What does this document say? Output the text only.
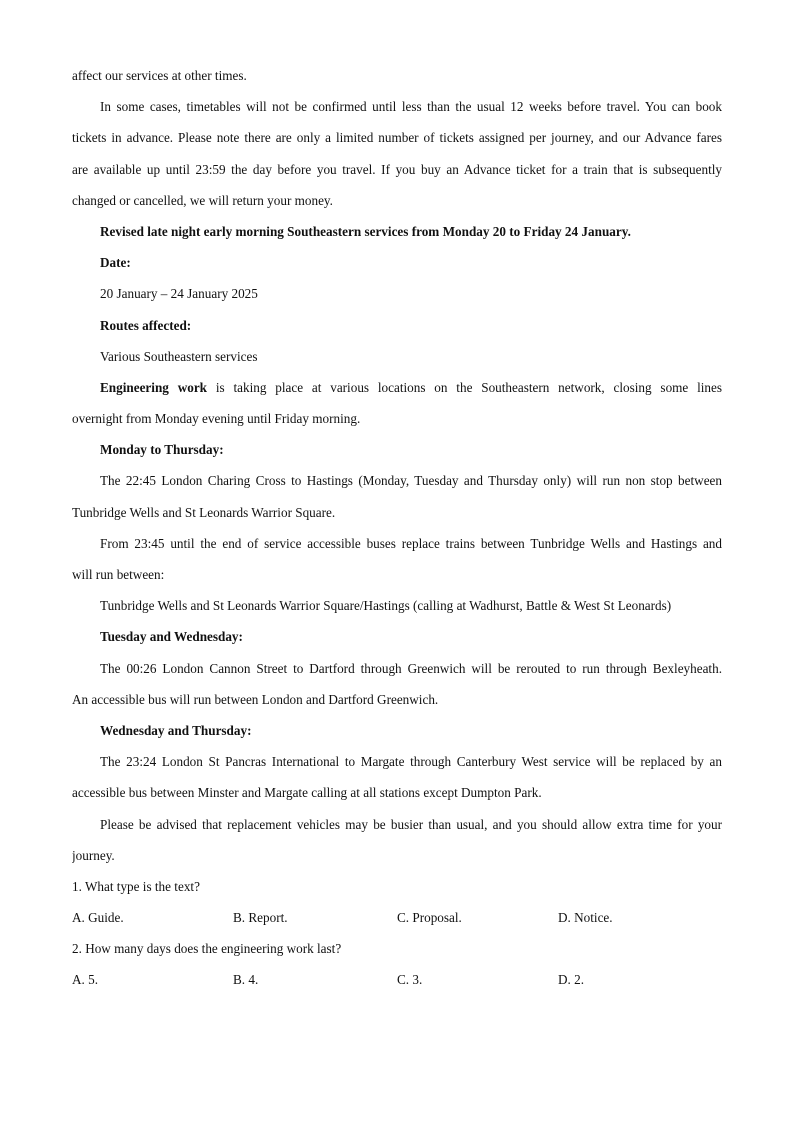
affect our services at other times.
In some cases, timetables will not be confirmed until less than the usual 12 weeks before travel. You can book
tickets in advance. Please note there are only a limited number of tickets assigned per journey, and our Advance fares
are available up until 23:59 the day before you travel. If you buy an Advance ticket for a train that is subsequently
changed or cancelled, we will return your money.
Revised late night early morning Southeastern services from Monday 20 to Friday 24 January.
Date:
20 January – 24 January 2025
Routes affected:
Various Southeastern services
Engineering work is taking place at various locations on the Southeastern network, closing some lines
overnight from Monday evening until Friday morning.
Monday to Thursday:
The 22:45 London Charing Cross to Hastings (Monday, Tuesday and Thursday only) will run non stop between
Tunbridge Wells and St Leonards Warrior Square.
From 23:45 until the end of service accessible buses replace trains between Tunbridge Wells and Hastings and
will run between:
Tunbridge Wells and St Leonards Warrior Square/Hastings (calling at Wadhurst, Battle & West St Leonards)
Tuesday and Wednesday:
The 00:26 London Cannon Street to Dartford through Greenwich will be rerouted to run through Bexleyheath.
An accessible bus will run between London and Dartford Greenwich.
Wednesday and Thursday:
The 23:24 London St Pancras International to Margate through Canterbury West service will be replaced by an
accessible bus between Minster and Margate calling at all stations except Dumpton Park.
Please be advised that replacement vehicles may be busier than usual, and you should allow extra time for your
journey.
1. What type is the text?
A. Guide.	B. Report.	C. Proposal.	D. Notice.
2. How many days does the engineering work last?
A. 5.	B. 4.	C. 3.	D. 2.
